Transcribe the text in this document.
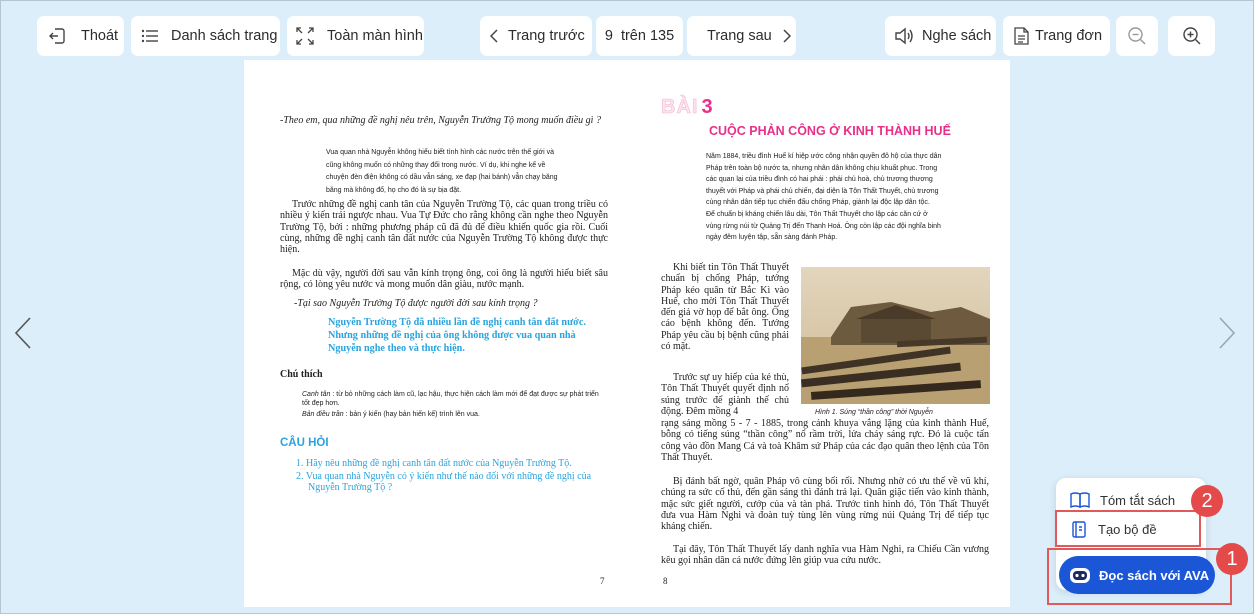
Thoát	Danh sách trang	Toàn màn hình	Trang trước 9  trên 135 Trang sau	Nghe sách	Trang đơn
-Theo em, qua những đề nghị nêu trên, Nguyễn Trường Tộ mong muốn điều gì ?
Vua quan nhà Nguyễn không hiểu biết tình hình các nước trên thế giới và
cũng không muốn có những thay đổi trong nước. Ví dụ, khi nghe kể về
chuyện đèn điện không có dầu vẫn sáng, xe đạp (hai bánh) vẫn chạy băng
băng mà không đổ, họ cho đó là sự bịa đặt.
Trước những đề nghị canh tân của Nguyễn Trường Tộ, các quan trong triều có nhiều ý kiến trái ngược nhau. Vua Tự Đức cho rằng không cần nghe theo Nguyễn Trường Tộ, bởi : những phương pháp cũ đã đủ để điều khiển quốc gia rồi. Cuối cùng, những đề nghị canh tân đất nước của Nguyễn Trường Tộ không được thực hiện.
Mặc dù vậy, người đời sau vẫn kính trọng ông, coi ông là người hiểu biết sâu rộng, có lòng yêu nước và mong muốn dân giàu, nước mạnh.
-Tại sao Nguyễn Trường Tộ được người đời sau kính trọng ?
Nguyễn Trường Tộ đã nhiều lần đề nghị canh tân đất nước. Nhưng những đề nghị của ông không được vua quan nhà Nguyễn nghe theo và thực hiện.
Chú thích
Canh tân : từ bỏ những cách làm cũ, lạc hậu, thực hiện cách làm mới để đạt được sự phát triển tốt đẹp hơn.
Bản điều trần : bản ý kiến (hay bản hiến kế) trình lên vua.
CÂU HỎI
1. Hãy nêu những đề nghị canh tân đất nước của Nguyễn Trường Tộ.
2. Vua quan nhà Nguyễn có ý kiến như thế nào đối với những đề nghị của Nguyễn Trường Tộ ?
7
BÀI 3
CUỘC PHẢN CÔNG Ở KINH THÀNH HUẾ
Năm 1884, triều đình Huế kí hiệp ước công nhận quyền đô hộ của thực dân
Pháp trên toàn bộ nước ta, nhưng nhân dân không chịu khuất phục. Trong
các quan lại của triều đình có hai phái : phái chủ hoà, chủ trương thương
thuyết với Pháp và phái chủ chiến, đại diện là Tôn Thất Thuyết, chủ trương
cùng nhân dân tiếp tục chiến đấu chống Pháp, giành lại độc lập dân tộc.
Để chuẩn bị kháng chiến lâu dài, Tôn Thất Thuyết cho lập các căn cứ ở
vùng rừng núi từ Quảng Trị đến Thanh Hoá. Ông còn lập các đội nghĩa binh
ngày đêm luyện tập, sẵn sàng đánh Pháp.
Khi biết tin Tôn Thất Thuyết chuẩn bị chống Pháp, tướng Pháp kéo quân từ Bắc Kì vào Huế, cho mời Tôn Thất Thuyết đến giả vờ họp để bắt ông. Ông cáo bệnh không đến. Tướng Pháp yêu cầu bị bệnh cũng phải có mặt.
Trước sự uy hiếp của kẻ thù, Tôn Thất Thuyết quyết định nổ súng trước để giành thế chủ động. Đêm mồng 4
rạng sáng mồng 5 - 7 - 1885, trong cảnh khuya vắng lặng của kinh thành Huế, bỗng có tiếng súng “thần công” nổ rầm trời, lửa cháy sáng rực. Đó là cuộc tấn công vào đồn Mang Cá và toà Khâm sứ Pháp của các đạo quân theo lệnh của Tôn Thất Thuyết.
Bị đánh bất ngờ, quân Pháp vô cùng bối rối. Nhưng nhờ có ưu thế về vũ khí, chúng ra sức cố thủ, đến gần sáng thì đánh trả lại. Quân giặc tiến vào kinh thành, mặc sức giết người, cướp của và tàn phá. Trước tình hình đó, Tôn Thất Thuyết đưa vua Hàm Nghi và đoàn tuỳ tùng lên vùng rừng núi Quảng Trị để tiếp tục kháng chiến.
Tại đây, Tôn Thất Thuyết lấy danh nghĩa vua Hàm Nghi, ra Chiếu Cần vương kêu gọi nhân dân cả nước đứng lên giúp vua cứu nước.
Hình 1. Súng “thần công” thời Nguyễn
8
Tóm tắt sách
Tạo bộ đề
Đọc sách với AVA
2
1
